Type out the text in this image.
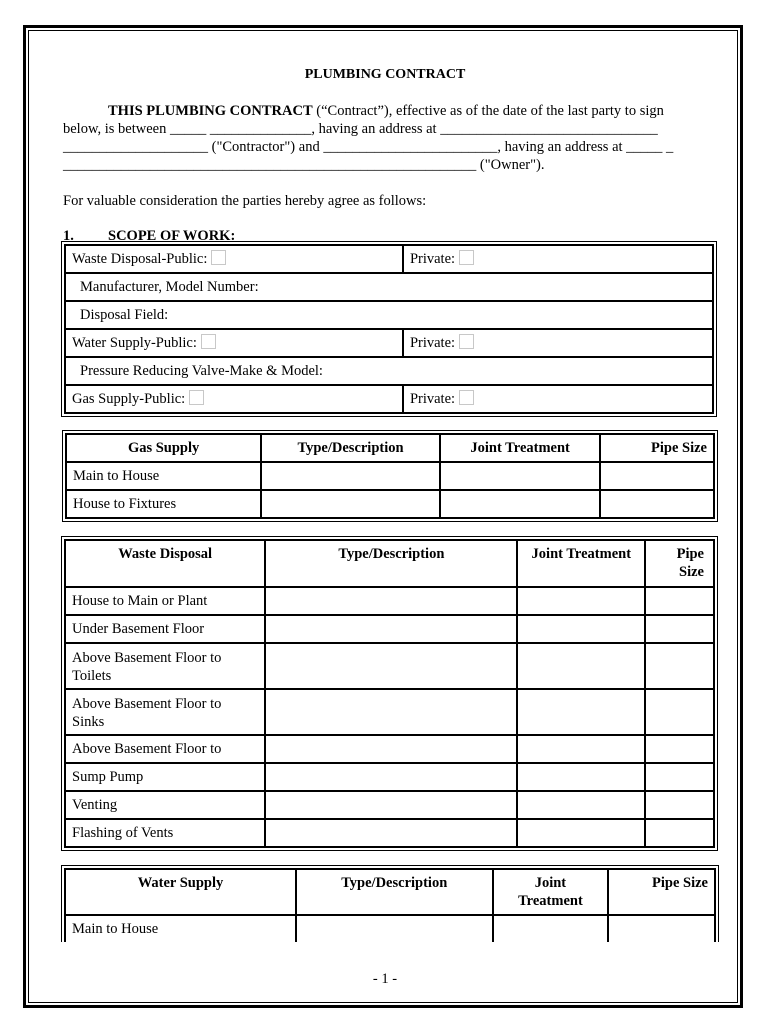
PLUMBING CONTRACT
THIS PLUMBING CONTRACT (“Contract”), effective as of the date of the last party to sign
below, is between _____ ______________, having an address at ______________________________
____________________ ("Contractor") and ________________________, having an address at _____ _
_________________________________________________________ ("Owner").
For valuable consideration the parties hereby agree as follows:
1. SCOPE OF WORK:
Waste Disposal-Public:	Private:
Manufacturer, Model Number:	
Disposal Field:	
Water Supply-Public:	Private:
Pressure Reducing Valve-Make & Model:	
Gas Supply-Public:	Private:
Gas Supply	Type/Description	Joint Treatment	Pipe Size
Main to House			
House to Fixtures			
Waste Disposal	Type/Description	Joint Treatment	Pipe Size
House to Main or Plant			
Under Basement Floor			
Above Basement Floor to Toilets			
Above Basement Floor to Sinks			
Above Basement Floor to			
Sump Pump			
Venting			
Flashing of Vents			
Water Supply	Type/Description	Joint Treatment	Pipe Size
Main to House			
- 1 -
